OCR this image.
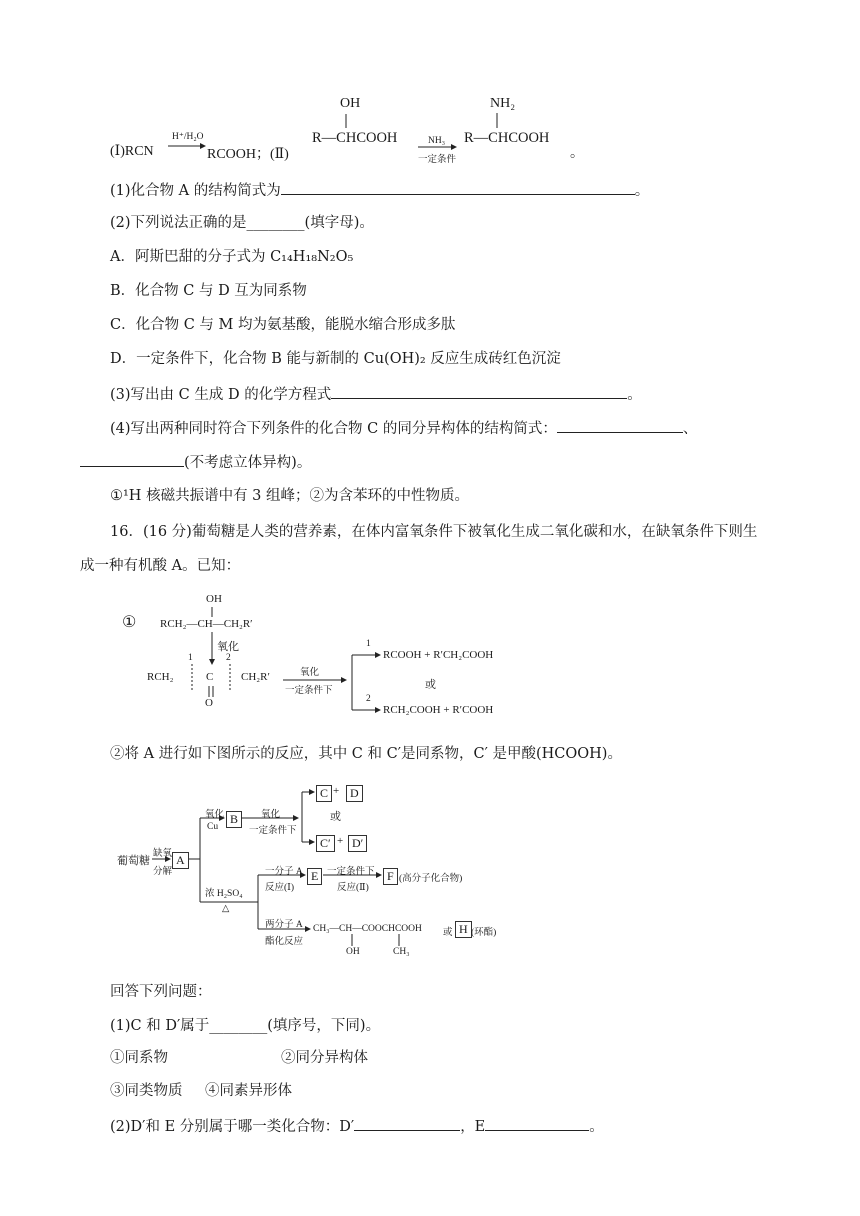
(Ⅰ)RCN
H⁺/H₂O
RCOOH；(Ⅱ)
OH
R—CHCOOH	NH₃
一定条件
NH₂
R—CHCOOH
。
(1)化合物 A 的结构简式为	。
(2)下列说法正确的是________(填字母)。
A．阿斯巴甜的分子式为 C₁₄H₁₈N₂O₅
B．化合物 C 与 D 互为同系物
C．化合物 C 与 M 均为氨基酸，能脱水缩合形成多肽
D．一定条件下，化合物 B 能与新制的 Cu(OH)₂ 反应生成砖红色沉淀
(3)写出由 C 生成 D 的化学方程式	。
(4)写出两种同时符合下列条件的化合物 C 的同分异构体的结构简式：	、
(不考虑立体异构)。
①¹H 核磁共振谱中有 3 组峰；②为含苯环的中性物质。
16．(16 分)葡萄糖是人类的营养素，在体内富氧条件下被氧化生成二氧化碳和水，在缺氧条件下则生
成一种有机酸 A。已知：
①
OH
RCH₂—CH—CH₂R′
氧化
1	2
RCH₂	C	CH₂R′
O
氧化
一定条件下
1
2
RCOOH + R′CH₂COOH
或
RCH₂COOH + R′COOH
②将 A 进行如下图所示的反应，其中 C 和 C′是同系物，C′ 是甲酸(HCOOH)。
葡萄糖
缺氧
分解
A
氧化
Cu
B	氧化
一定条件下
C + D
或
C′ + D′
浓 H₂SO₄
△
一分子 A
反应(Ⅰ)
E 一定条件下
反应(Ⅱ)
F (高分子化合物)
两分子 A
酯化反应
CH₃—CH—COOCHCOOH
OH	CH₃
或 H (环酯)
回答下列问题：
(1)C 和 D′属于________(填序号，下同)。
①同系物	②同分异构体
③同类物质 ④同素异形体
(2)D′和 E 分别属于哪一类化合物：D′	，E	。
